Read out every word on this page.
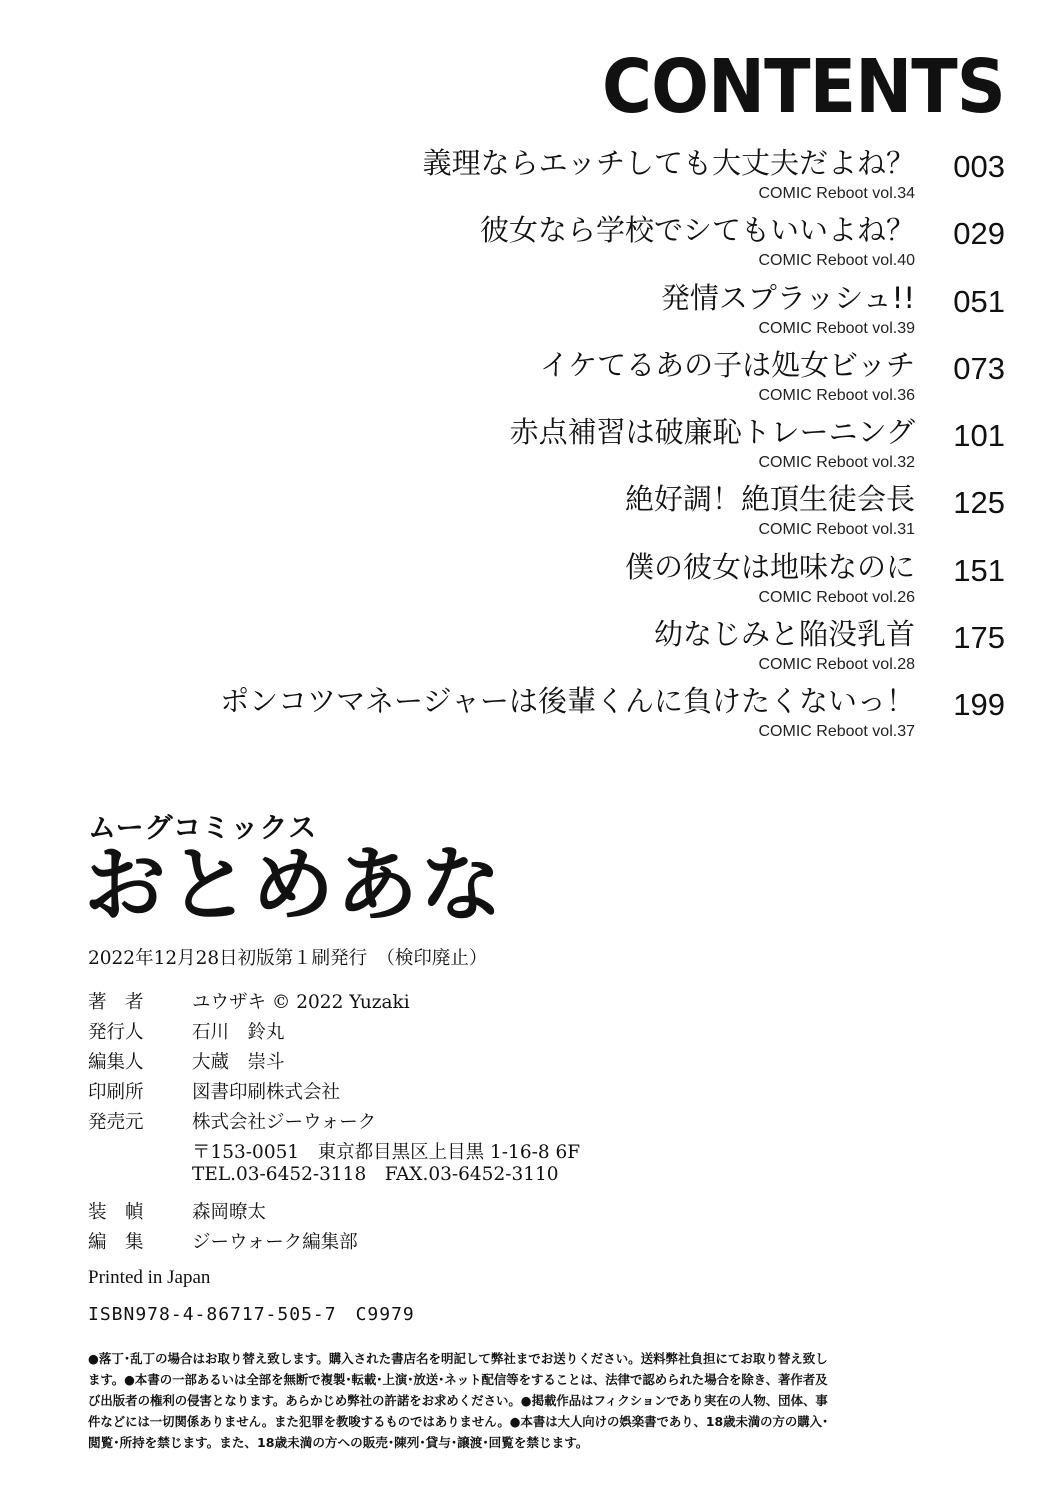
CONTENTS
義理ならエッチしても大丈夫だよね？
COMIC Reboot vol.34
003
彼女なら学校でシてもいいよね？
COMIC Reboot vol.40
029
発情スプラッシュ!!
COMIC Reboot vol.39
051
イケてるあの子は処女ビッチ
COMIC Reboot vol.36
073
赤点補習は破廉恥トレーニング
COMIC Reboot vol.32
101
絶好調！絶頂生徒会長
COMIC Reboot vol.31
125
僕の彼女は地味なのに
COMIC Reboot vol.26
151
幼なじみと陥没乳首
COMIC Reboot vol.28
175
ポンコツマネージャーは後輩くんに負けたくないっ！
COMIC Reboot vol.37
199
ムーグコミックス
おとめあな
2022年12月28日初版第１刷発行　（検印廃止）
著　者	ユウザキ © 2022 Yuzaki
発行人	石川　鈴丸
編集人	大蔵　崇斗
印刷所	図書印刷株式会社
発売元	株式会社ジーウォーク
〒153-0051　東京都目黒区上目黒 1-16-8 6F
TEL.03-6452-3118　FAX.03-6452-3110
装　幀	森岡暸太
編　集	ジーウォーク編集部
Printed in Japan
ISBN978-4-86717-505-7　C9979
●落丁･乱丁の場合はお取り替え致します。購入された書店名を明記して弊社までお送りください。送料弊社負担にてお取り替え致し
ます。●本書の一部あるいは全部を無断で複製･転載･上演･放送･ネット配信等をすることは、法律で認められた場合を除き、著作者及
び出版者の権利の侵害となります。あらかじめ弊社の許諾をお求めください。●掲載作品はフィクションであり実在の人物、団体、事
件などには一切関係ありません。また犯罪を教唆するものではありません。●本書は大人向けの娯楽書であり、18歳未満の方の購入･
閲覧･所持を禁じます。また、18歳未満の方への販売･陳列･貸与･譲渡･回覧を禁じます。
